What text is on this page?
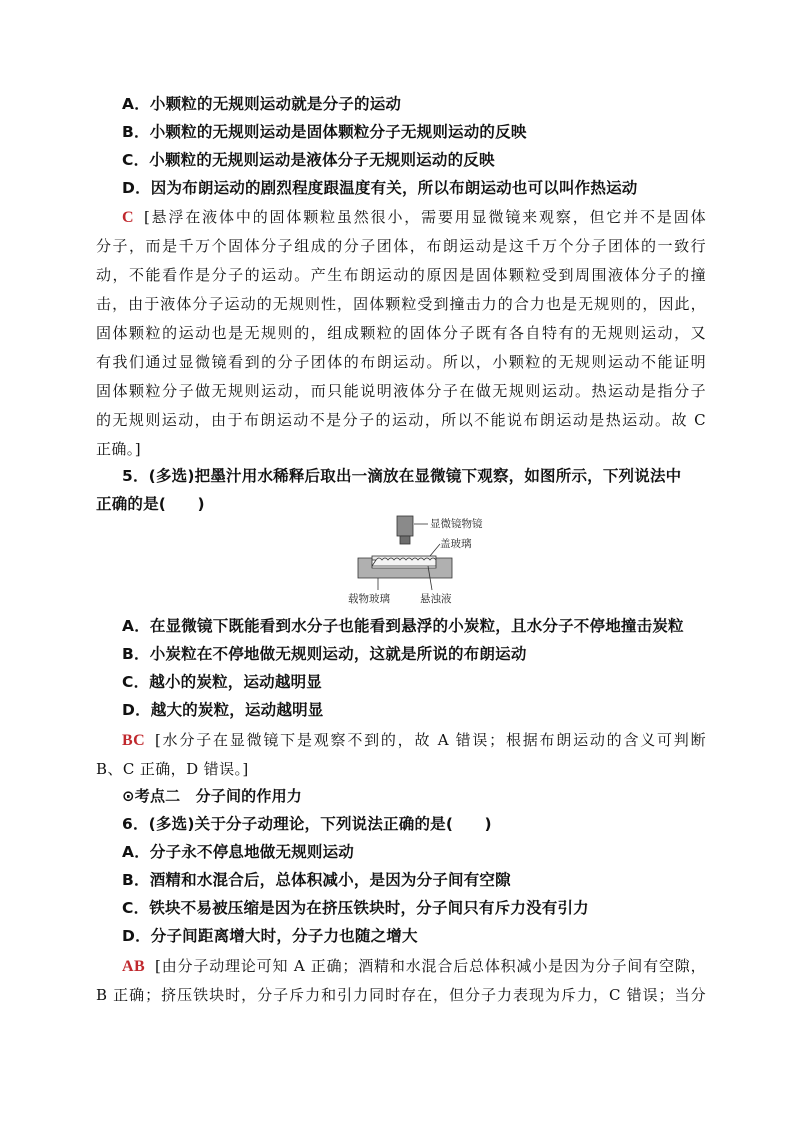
A．小颗粒的无规则运动就是分子的运动
B．小颗粒的无规则运动是固体颗粒分子无规则运动的反映
C．小颗粒的无规则运动是液体分子无规则运动的反映
D．因为布朗运动的剧烈程度跟温度有关，所以布朗运动也可以叫作热运动
C [悬浮在液体中的固体颗粒虽然很小，需要用显微镜来观察，但它并不是固体
分子，而是千万个固体分子组成的分子团体，布朗运动是这千万个分子团体的一致行
动，不能看作是分子的运动。产生布朗运动的原因是固体颗粒受到周围液体分子的撞
击，由于液体分子运动的无规则性，固体颗粒受到撞击力的合力也是无规则的，因此，
固体颗粒的运动也是无规则的，组成颗粒的固体分子既有各自特有的无规则运动，又
有我们通过显微镜看到的分子团体的布朗运动。所以，小颗粒的无规则运动不能证明
固体颗粒分子做无规则运动，而只能说明液体分子在做无规则运动。热运动是指分子
的无规则运动，由于布朗运动不是分子的运动，所以不能说布朗运动是热运动。故 C
正确。]
5．(多选)把墨汁用水稀释后取出一滴放在显微镜下观察，如图所示，下列说法中
正确的是(　　)
显微镜物镜
盖玻璃
载物玻璃	悬浊液
A．在显微镜下既能看到水分子也能看到悬浮的小炭粒，且水分子不停地撞击炭粒
B．小炭粒在不停地做无规则运动，这就是所说的布朗运动
C．越小的炭粒，运动越明显
D．越大的炭粒，运动越明显
BC [水分子在显微镜下是观察不到的，故 A 错误；根据布朗运动的含义可判断
B、C 正确，D 错误。]
⊙考点二　分子间的作用力
6．(多选)关于分子动理论，下列说法正确的是(　　)
A．分子永不停息地做无规则运动
B．酒精和水混合后，总体积减小，是因为分子间有空隙
C．铁块不易被压缩是因为在挤压铁块时，分子间只有斥力没有引力
D．分子间距离增大时，分子力也随之增大
AB [由分子动理论可知 A 正确；酒精和水混合后总体积减小是因为分子间有空隙，
B 正确；挤压铁块时，分子斥力和引力同时存在，但分子力表现为斥力，C 错误；当分
